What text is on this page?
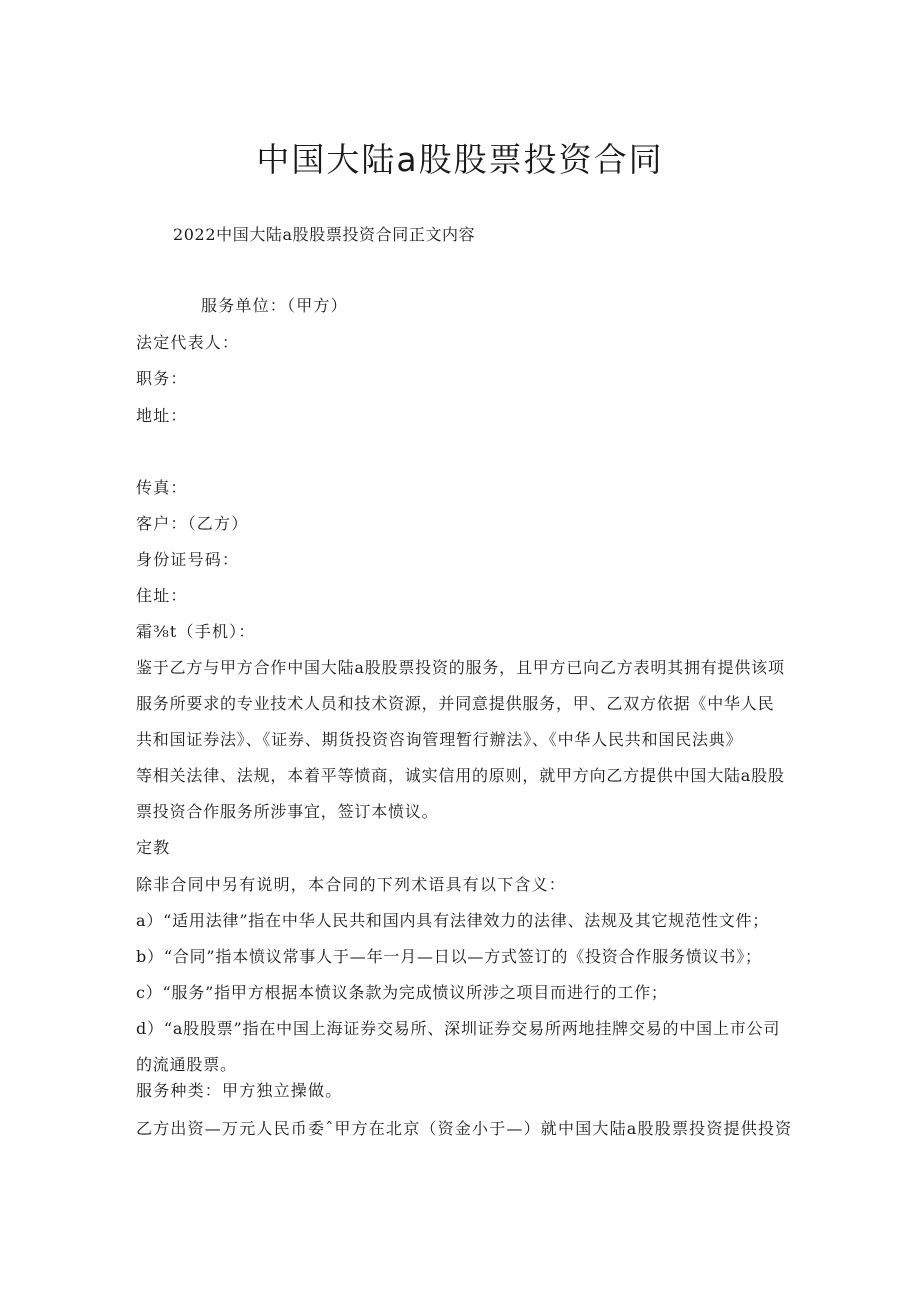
中国大陆a股股票投资合同
2022中国大陆a股股票投资合同正文内容
服务单位：（甲方）
法定代表人：
职务：
地址：
传真：
客户：（乙方）
身份证号码：
住址：
霜⅜t（手机）：
鉴于乙方与甲方合作中国大陆a股股票投资的服务，且甲方已向乙方表明其拥有提供该项
服务所要求的专业技术人员和技术资源，并同意提供服务，甲、乙双方依据《中华人民
共和国证券法》、《证券、期货投资咨询管理暂行辦法》、《中华人民共和国民法典》
等相关法律、法规，本着平等愤商，诚实信用的原则，就甲方向乙方提供中国大陆a股股
票投资合作服务所涉事宜，签订本愤议。
定教
除非合同中另有说明，本合同的下列术语具有以下含义：
a）“适用法律”指在中华人民共和国内具有法律效力的法律、法规及其它规范性文件；
b）“合同”指本愤议常事人于—年一月—日以—方式签订的《投资合作服务愤议书》；
c）“服务”指甲方根据本愤议条款为完成愤议所涉之项目而进行的工作；
d）“a股股票”指在中国上海证券交易所、深圳证券交易所两地挂牌交易的中国上市公司
的流通股票。
服务种类：甲方独立操做。
乙方出资—万元人民币委ˆ甲方在北京（资金小于—）就中国大陆a股股票投资提供投资
